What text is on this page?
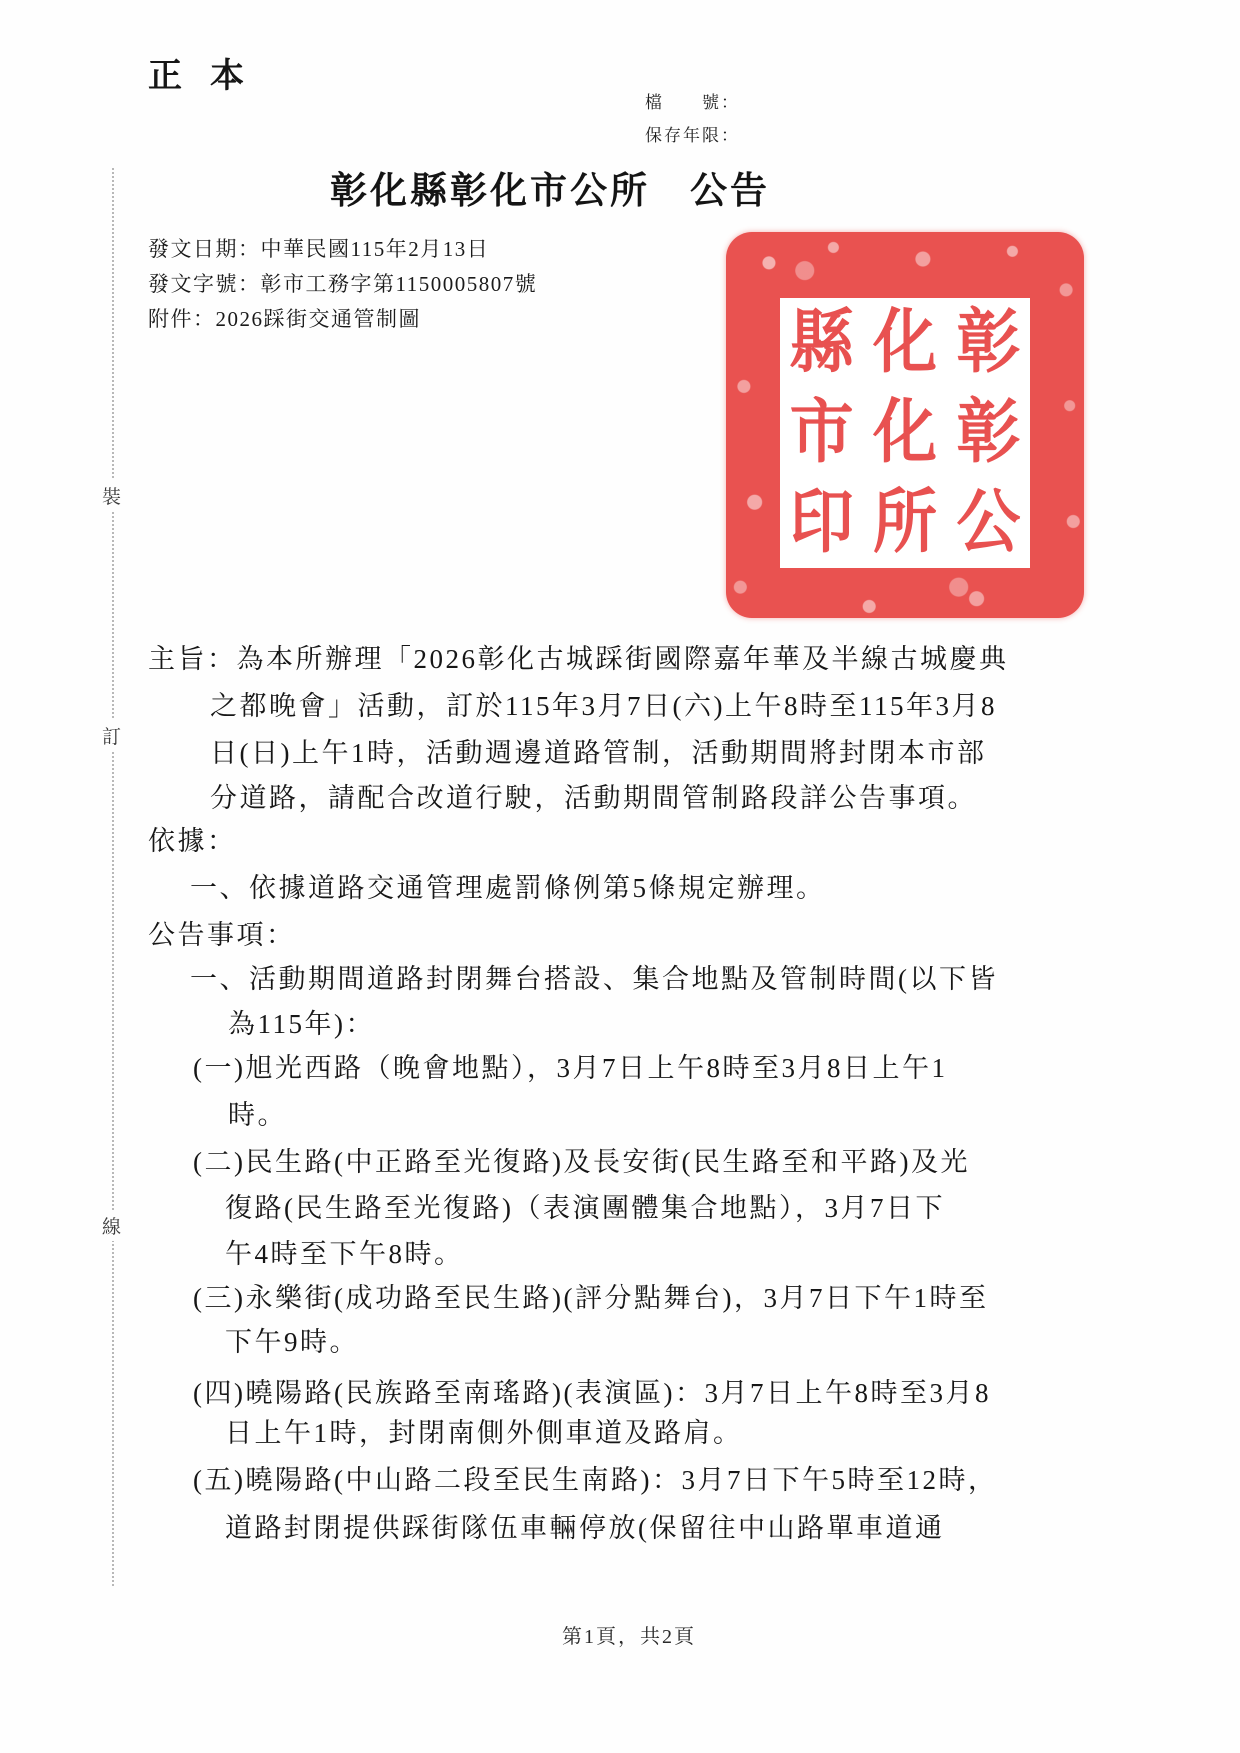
正本
檔　　號：
保存年限：
彰化縣彰化市公所　公告
發文日期：中華民國115年2月13日
發文字號：彰市工務字第1150005807號
附件：2026踩街交通管制圖	彰
化
縣
彰
化
市
公
所
印
主旨：為本所辦理「2026彰化古城踩街國際嘉年華及半線古城慶典
之都晚會」活動，訂於115年3月7日(六)上午8時至115年3月8
日(日)上午1時，活動週邊道路管制，活動期間將封閉本市部
分道路，請配合改道行駛，活動期間管制路段詳公告事項。
依據：
一、依據道路交通管理處罰條例第5條規定辦理。
公告事項：
一、活動期間道路封閉舞台搭設、集合地點及管制時間(以下皆
為115年)：
(一)旭光西路（晚會地點），3月7日上午8時至3月8日上午1
時。
(二)民生路(中正路至光復路)及長安街(民生路至和平路)及光
復路(民生路至光復路)（表演團體集合地點），3月7日下
午4時至下午8時。
(三)永樂街(成功路至民生路)(評分點舞台)，3月7日下午1時至
下午9時。
(四)曉陽路(民族路至南瑤路)(表演區)：3月7日上午8時至3月8
日上午1時，封閉南側外側車道及路肩。
(五)曉陽路(中山路二段至民生南路)：3月7日下午5時至12時，
道路封閉提供踩街隊伍車輛停放(保留往中山路單車道通
裝
訂
線
第1頁，共2頁
